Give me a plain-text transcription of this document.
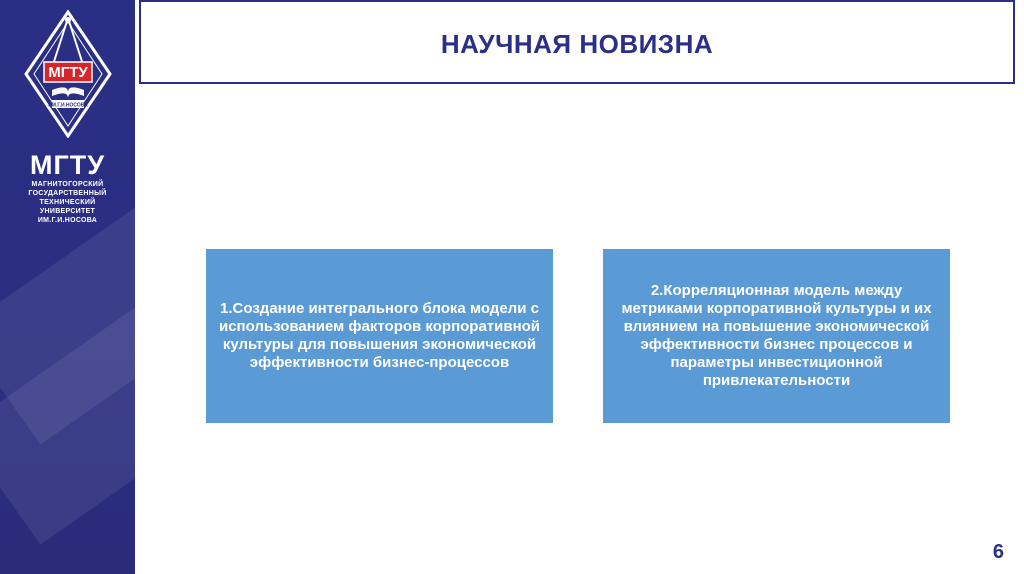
МГТУ
ИМ.Г.И.НОСОВА
МГТУ
МАГНИТОГОРСКИЙ
ГОСУДАРСТВЕННЫЙ
ТЕХНИЧЕСКИЙ
УНИВЕРСИТЕТ
ИМ.Г.И.НОСОВА
НАУЧНАЯ НОВИЗНА
1.Создание интегрального блока модели с использованием факторов корпоративной культуры для повышения экономической эффективности бизнес-процессов
2.Корреляционная модель между метриками корпоративной культуры и их влиянием на повышение экономической эффективности бизнес процессов и параметры инвестиционной привлекательности
6
